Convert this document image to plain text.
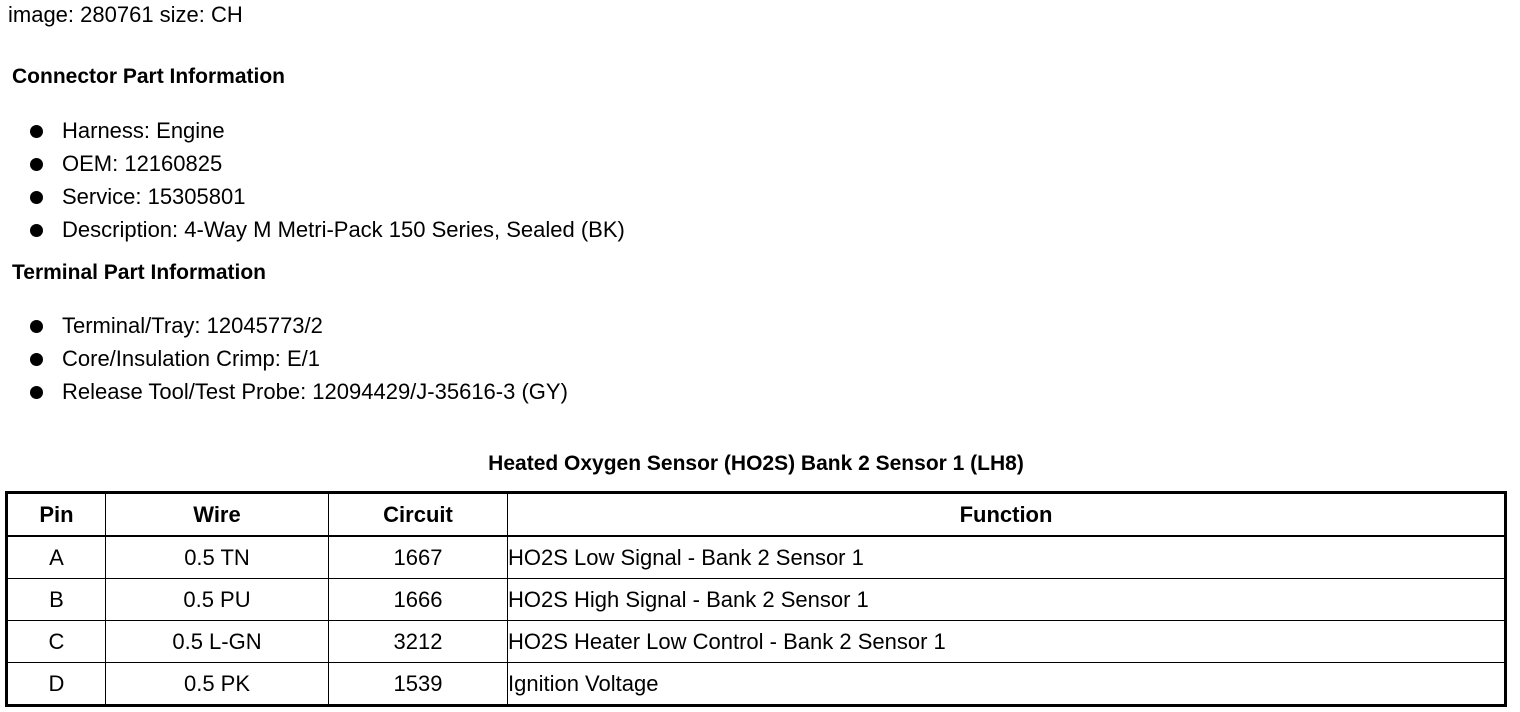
image: 280761 size: CH
Connector Part Information
Harness: Engine
OEM: 12160825
Service: 15305801
Description: 4-Way M Metri-Pack 150 Series, Sealed (BK)
Terminal Part Information
Terminal/Tray: 12045773/2
Core/Insulation Crimp: E/1
Release Tool/Test Probe: 12094429/J-35616-3 (GY)
Heated Oxygen Sensor (HO2S) Bank 2 Sensor 1 (LH8)
Pin	Wire	Circuit	Function
A	0.5 TN	1667	HO2S Low Signal - Bank 2 Sensor 1
B	0.5 PU	1666	HO2S High Signal - Bank 2 Sensor 1
C	0.5 L-GN	3212	HO2S Heater Low Control - Bank 2 Sensor 1
D	0.5 PK	1539	Ignition Voltage
